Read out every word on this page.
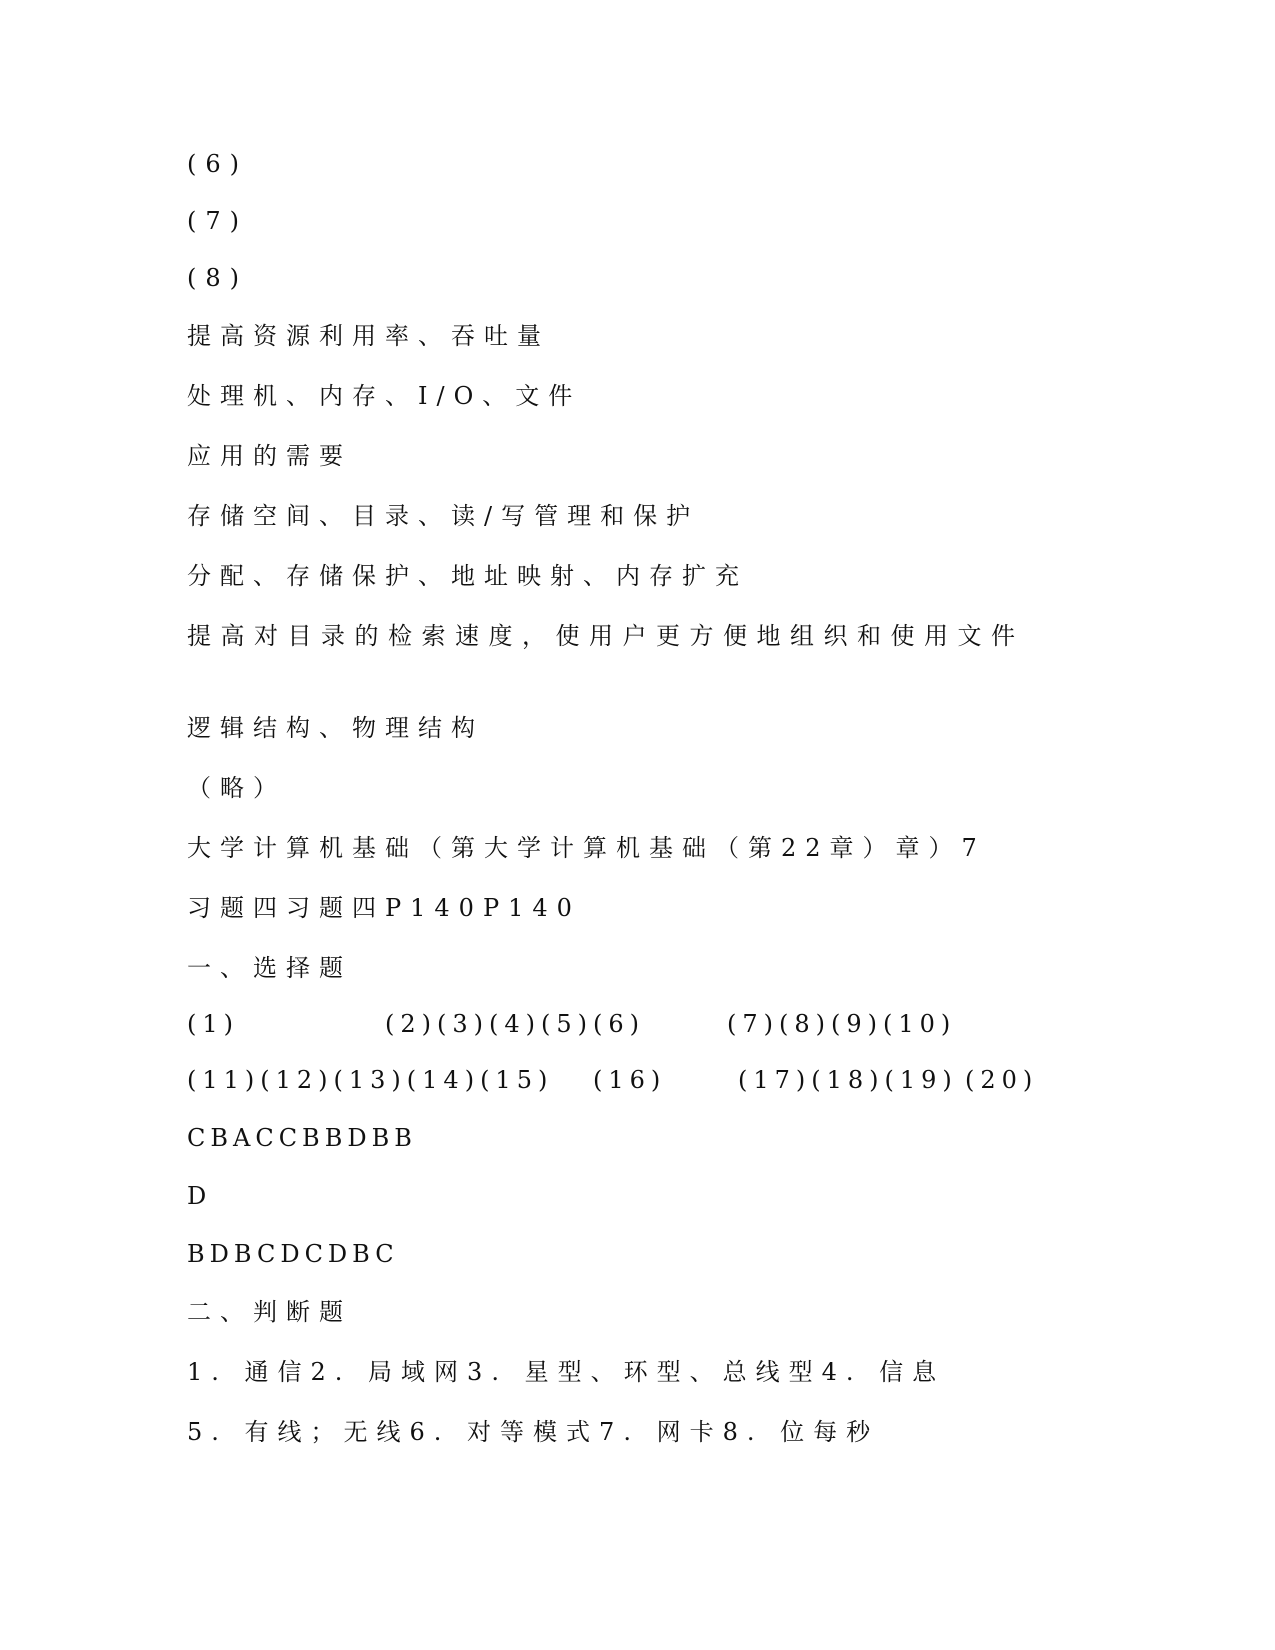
(6)
(7)
(8)
提高资源利用率、吞吐量
处理机、内存、I/O、文件
应用的需要
存储空间、目录、读/写管理和保护
分配、存储保护、地址映射、内存扩充
提高对目录的检索速度，使用户更方便地组织和使用文件
逻辑结构、物理结构
（略）
大学计算机基础（第大学计算机基础（第22章）章）7
习题四习题四P140P140
一、选择题
(1)	(2)(3)(4)(5)(6)	(7)(8)(9)(10)
(11)(12)(13)(14)(15) (16)	(17)(18)(19) (20)
CBACCBBDBB
D
BDBCDCDBC
二、判断题
1. 通信2. 局域网3. 星型、环型、总线型4. 信息
5. 有线；无线6. 对等模式7. 网卡8. 位每秒
